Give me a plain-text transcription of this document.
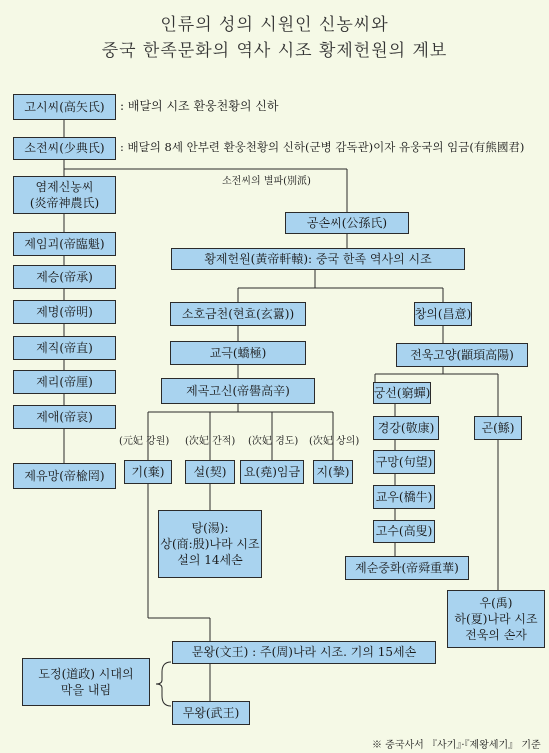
인류의 성의 시원인 신농씨와
중국 한족문화의 역사 시조 황제헌원의 계보
고시씨(高矢氏)	: 배달의 시조 환웅천황의 신하
소전씨(少典氏)	: 배달의 8세 안부련 환웅천황의 신하(군병 감독관)이자 유웅국의 임금(有熊國君)
소전씨의 별파(別派)
염제신농씨
(炎帝神農氏)
제임괴(帝臨魁)
제승(帝承)
제명(帝明)
제직(帝直)
제리(帝厘)
제애(帝哀)
제유망(帝楡罔)
공손씨(公孫氏)
황제헌원(黃帝軒轅): 중국 한족 역사의 시조
소호금천(현효(玄囂))
교극(蟜極)
제곡고신(帝嚳高辛)
(元妃 강원) (次妃 간적) (次妃 경도) (次妃 상의)
기(棄)	설(契)	요(堯)임금	지(摯)
탕(湯):
상(商:殷)나라 시조
설의 14세손
창의(昌意)
전욱고양(顓頊高陽)
궁선(窮蟬)
경강(敬康)
구망(句望)
교우(橋牛)
고수(高叟)
제순중화(帝舜重華)
곤(鯀)
우(禹)
하(夏)나라 시조
전욱의 손자
문왕(文王) : 주(周)나라 시조. 기의 15세손
무왕(武王)
도정(道政) 시대의
막을 내림
※ 중국사서 『사기』·『제왕세기』 기준
